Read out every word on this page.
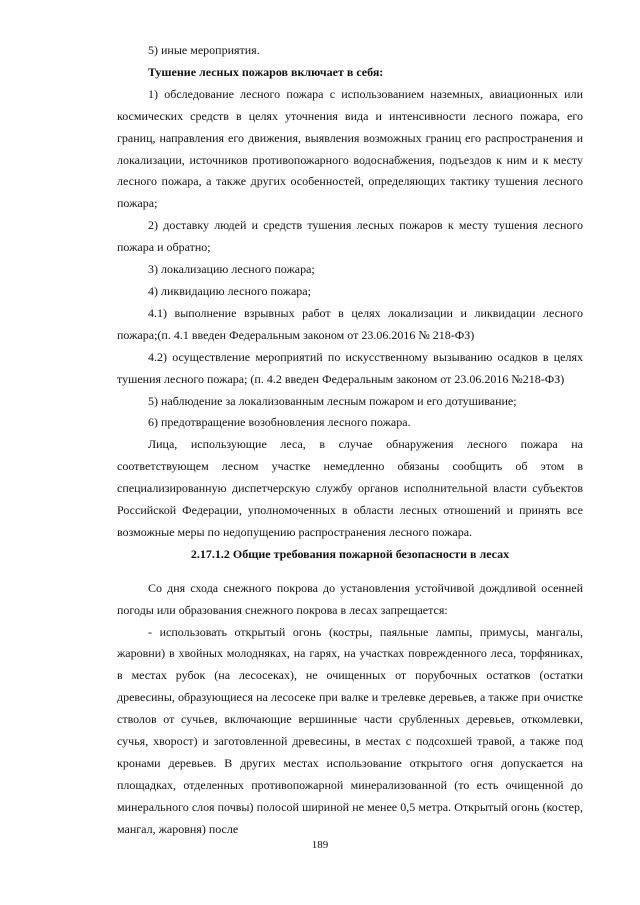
5) иные мероприятия.

Тушение лесных пожаров включает в себя:

1) обследование лесного пожара с использованием наземных, авиационных или космических средств в целях уточнения вида и интенсивности лесного пожара, его границ, направления его движения, выявления возможных границ его распространения и локализации, источников противопожарного водоснабжения, подъездов к ним и к месту лесного пожара, а также других особенностей, определяющих тактику тушения лесного пожара;

2) доставку людей и средств тушения лесных пожаров к месту тушения лесного пожара и обратно;

3) локализацию лесного пожара;

4) ликвидацию лесного пожара;

4.1) выполнение взрывных работ в целях локализации и ликвидации лесного пожара;(п. 4.1 введен Федеральным законом от 23.06.2016 № 218-ФЗ)

4.2) осуществление мероприятий по искусственному вызыванию осадков в целях тушения лесного пожара; (п. 4.2 введен Федеральным законом от 23.06.2016 №218-ФЗ)

5) наблюдение за локализованным лесным пожаром и его дотушивание;

6) предотвращение возобновления лесного пожара.

Лица, использующие леса, в случае обнаружения лесного пожара на соответствующем лесном участке немедленно обязаны сообщить об этом в специализированную диспетчерскую службу органов исполнительной власти субъектов Российской Федерации, уполномоченных в области лесных отношений и принять все возможные меры по недопущению распространения лесного пожара.

2.17.1.2 Общие требования пожарной безопасности в лесах

Со дня схода снежного покрова до установления устойчивой дождливой осенней погоды или образования снежного покрова в лесах запрещается:

- использовать открытый огонь (костры, паяльные лампы, примусы, мангалы, жаровни) в хвойных молодняках, на гарях, на участках поврежденного леса, торфяниках, в местах рубок (на лесосеках), не очищенных от порубочных остатков (остатки древесины, образующиеся на лесосеке при валке и трелевке деревьев, а также при очистке стволов от сучьев, включающие вершинные части срубленных деревьев, откомлевки, сучья, хворост) и заготовленной древесины, в местах с подсохшей травой, а также под кронами деревьев. В других местах использование открытого огня допускается на площадках, отделенных противопожарной минерализованной (то есть очищенной до минерального слоя почвы) полосой шириной не менее 0,5 метра. Открытый огонь (костер, мангал, жаровня) после

189
